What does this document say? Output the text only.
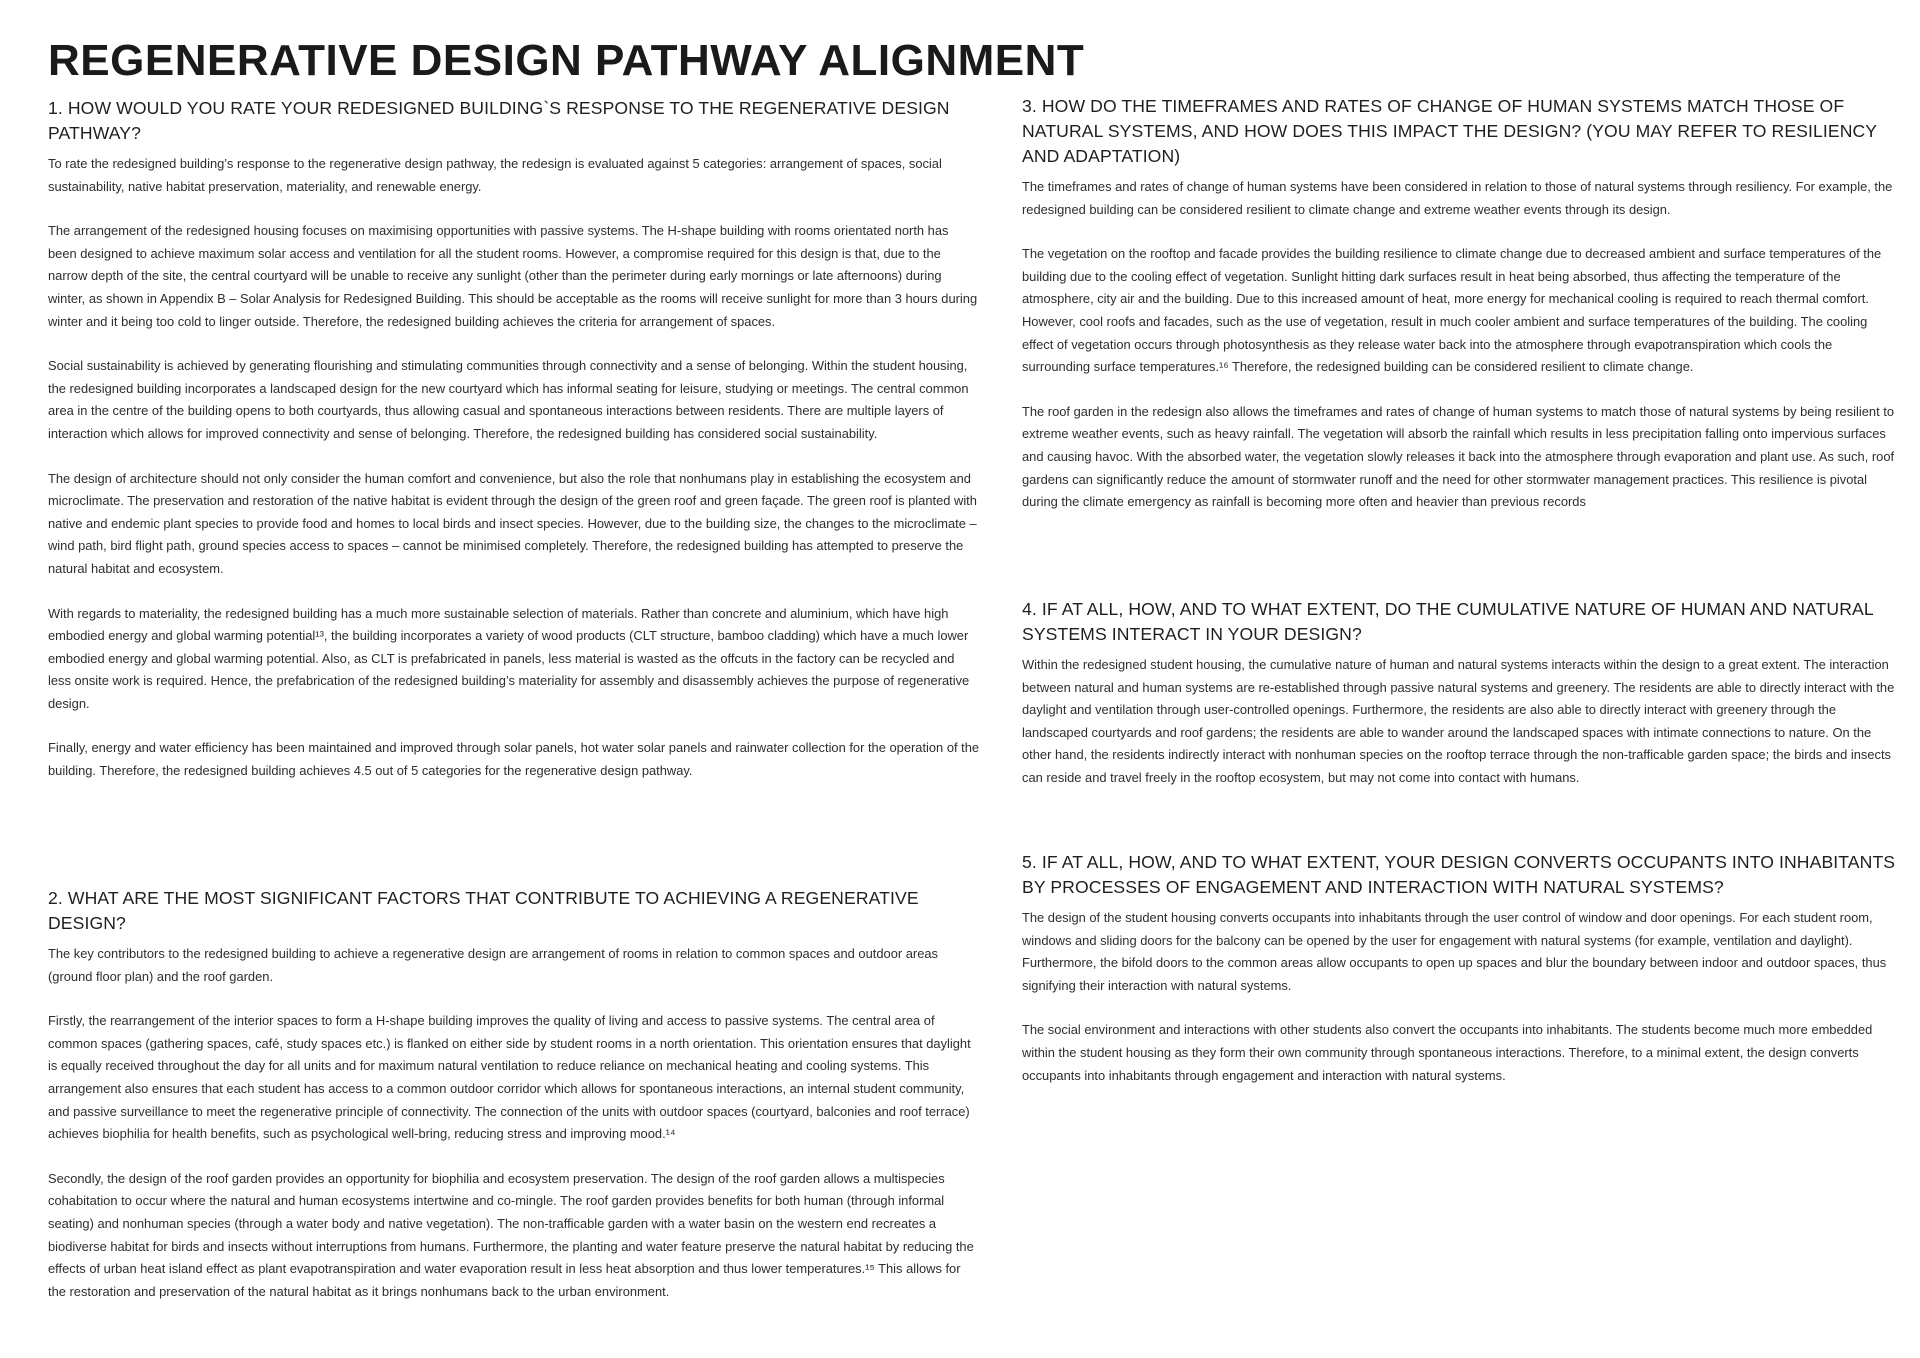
REGENERATIVE DESIGN PATHWAY ALIGNMENT
1. HOW WOULD YOU RATE YOUR REDESIGNED BUILDING`S RESPONSE TO THE REGENERATIVE DESIGN PATHWAY?

To rate the redesigned building’s response to the regenerative design pathway, the redesign is evaluated against 5 categories: arrangement of spaces, social sustainability, native habitat preservation, materiality, and renewable energy.

The arrangement of the redesigned housing focuses on maximising opportunities with passive systems. The H-shape building with rooms orientated north has been designed to achieve maximum solar access and ventilation for all the student rooms. However, a compromise required for this design is that, due to the narrow depth of the site, the central courtyard will be unable to receive any sunlight (other than the perimeter during early mornings or late afternoons) during winter, as shown in Appendix B – Solar Analysis for Redesigned Building. This should be acceptable as the rooms will receive sunlight for more than 3 hours during winter and it being too cold to linger outside. Therefore, the redesigned building achieves the criteria for arrangement of spaces.

Social sustainability is achieved by generating flourishing and stimulating communities through connectivity and a sense of belonging. Within the student housing, the redesigned building incorporates a landscaped design for the new courtyard which has informal seating for leisure, studying or meetings. The central common area in the centre of the building opens to both courtyards, thus allowing casual and spontaneous interactions between residents. There are multiple layers of interaction which allows for improved connectivity and sense of belonging. Therefore, the redesigned building has considered social sustainability.

The design of architecture should not only consider the human comfort and convenience, but also the role that nonhumans play in establishing the ecosystem and microclimate. The preservation and restoration of the native habitat is evident through the design of the green roof and green façade. The green roof is planted with native and endemic plant species to provide food and homes to local birds and insect species. However, due to the building size, the changes to the microclimate – wind path, bird flight path, ground species access to spaces – cannot be minimised completely. Therefore, the redesigned building has attempted to preserve the natural habitat and ecosystem.

With regards to materiality, the redesigned building has a much more sustainable selection of materials. Rather than concrete and aluminium, which have high embodied energy and global warming potential¹³, the building incorporates a variety of wood products (CLT structure, bamboo cladding) which have a much lower embodied energy and global warming potential. Also, as CLT is prefabricated in panels, less material is wasted as the offcuts in the factory can be recycled and less onsite work is required. Hence, the prefabrication of the redesigned building’s materiality for assembly and disassembly achieves the purpose of regenerative design.

Finally, energy and water efficiency has been maintained and improved through solar panels, hot water solar panels and rainwater collection for the operation of the building. Therefore, the redesigned building achieves 4.5 out of 5 categories for the regenerative design pathway.

2. WHAT ARE THE MOST SIGNIFICANT FACTORS THAT CONTRIBUTE TO ACHIEVING A REGENERATIVE DESIGN?

The key contributors to the redesigned building to achieve a regenerative design are arrangement of rooms in relation to common spaces and outdoor areas (ground floor plan) and the roof garden.

Firstly, the rearrangement of the interior spaces to form a H-shape building improves the quality of living and access to passive systems. The central area of common spaces (gathering spaces, café, study spaces etc.) is flanked on either side by student rooms in a north orientation. This orientation ensures that daylight is equally received throughout the day for all units and for maximum natural ventilation to reduce reliance on mechanical heating and cooling systems. This arrangement also ensures that each student has access to a common outdoor corridor which allows for spontaneous interactions, an internal student community, and passive surveillance to meet the regenerative principle of connectivity. The connection of the units with outdoor spaces (courtyard, balconies and roof terrace) achieves biophilia for health benefits, such as psychological well-bring, reducing stress and improving mood.¹⁴

Secondly, the design of the roof garden provides an opportunity for biophilia and ecosystem preservation. The design of the roof garden allows a multispecies cohabitation to occur where the natural and human ecosystems intertwine and co-mingle. The roof garden provides benefits for both human (through informal seating) and nonhuman species (through a water body and native vegetation). The non-trafficable garden with a water basin on the western end recreates a biodiverse habitat for birds and insects without interruptions from humans. Furthermore, the planting and water feature preserve the natural habitat by reducing the effects of urban heat island effect as plant evapotranspiration and water evaporation result in less heat absorption and thus lower temperatures.¹⁵ This allows for the restoration and preservation of the natural habitat as it brings nonhumans back to the urban environment.

3. HOW DO THE TIMEFRAMES AND RATES OF CHANGE OF HUMAN SYSTEMS MATCH THOSE OF NATURAL SYSTEMS, AND HOW DOES THIS IMPACT THE DESIGN? (YOU MAY REFER TO RESILIENCY AND ADAPTATION)

The timeframes and rates of change of human systems have been considered in relation to those of natural systems through resiliency. For example, the redesigned building can be considered resilient to climate change and extreme weather events through its design.

The vegetation on the rooftop and facade provides the building resilience to climate change due to decreased ambient and surface temperatures of the building due to the cooling effect of vegetation. Sunlight hitting dark surfaces result in heat being absorbed, thus affecting the temperature of the atmosphere, city air and the building. Due to this increased amount of heat, more energy for mechanical cooling is required to reach thermal comfort. However, cool roofs and facades, such as the use of vegetation, result in much cooler ambient and surface temperatures of the building. The cooling effect of vegetation occurs through photosynthesis as they release water back into the atmosphere through evapotranspiration which cools the surrounding surface temperatures.¹⁶ Therefore, the redesigned building can be considered resilient to climate change.

The roof garden in the redesign also allows the timeframes and rates of change of human systems to match those of natural systems by being resilient to extreme weather events, such as heavy rainfall. The vegetation will absorb the rainfall which results in less precipitation falling onto impervious surfaces and causing havoc. With the absorbed water, the vegetation slowly releases it back into the atmosphere through evaporation and plant use. As such, roof gardens can significantly reduce the amount of stormwater runoff and the need for other stormwater management practices. This resilience is pivotal during the climate emergency as rainfall is becoming more often and heavier than previous records

4. IF AT ALL, HOW, AND TO WHAT EXTENT, DO THE CUMULATIVE NATURE OF HUMAN AND NATURAL SYSTEMS INTERACT IN YOUR DESIGN?

Within the redesigned student housing, the cumulative nature of human and natural systems interacts within the design to a great extent. The interaction between natural and human systems are re-established through passive natural systems and greenery. The residents are able to directly interact with the daylight and ventilation through user-controlled openings. Furthermore, the residents are also able to directly interact with greenery through the landscaped courtyards and roof gardens; the residents are able to wander around the landscaped spaces with intimate connections to nature. On the other hand, the residents indirectly interact with nonhuman species on the rooftop terrace through the non-trafficable garden space; the birds and insects can reside and travel freely in the rooftop ecosystem, but may not come into contact with humans.

5. IF AT ALL, HOW, AND TO WHAT EXTENT, YOUR DESIGN CONVERTS OCCUPANTS INTO INHABITANTS BY PROCESSES OF ENGAGEMENT AND INTERACTION WITH NATURAL SYSTEMS?

The design of the student housing converts occupants into inhabitants through the user control of window and door openings. For each student room, windows and sliding doors for the balcony can be opened by the user for engagement with natural systems (for example, ventilation and daylight). Furthermore, the bifold doors to the common areas allow occupants to open up spaces and blur the boundary between indoor and outdoor spaces, thus signifying their interaction with natural systems.

The social environment and interactions with other students also convert the occupants into inhabitants. The students become much more embedded within the student housing as they form their own community through spontaneous interactions. Therefore, to a minimal extent, the design converts occupants into inhabitants through engagement and interaction with natural systems.
